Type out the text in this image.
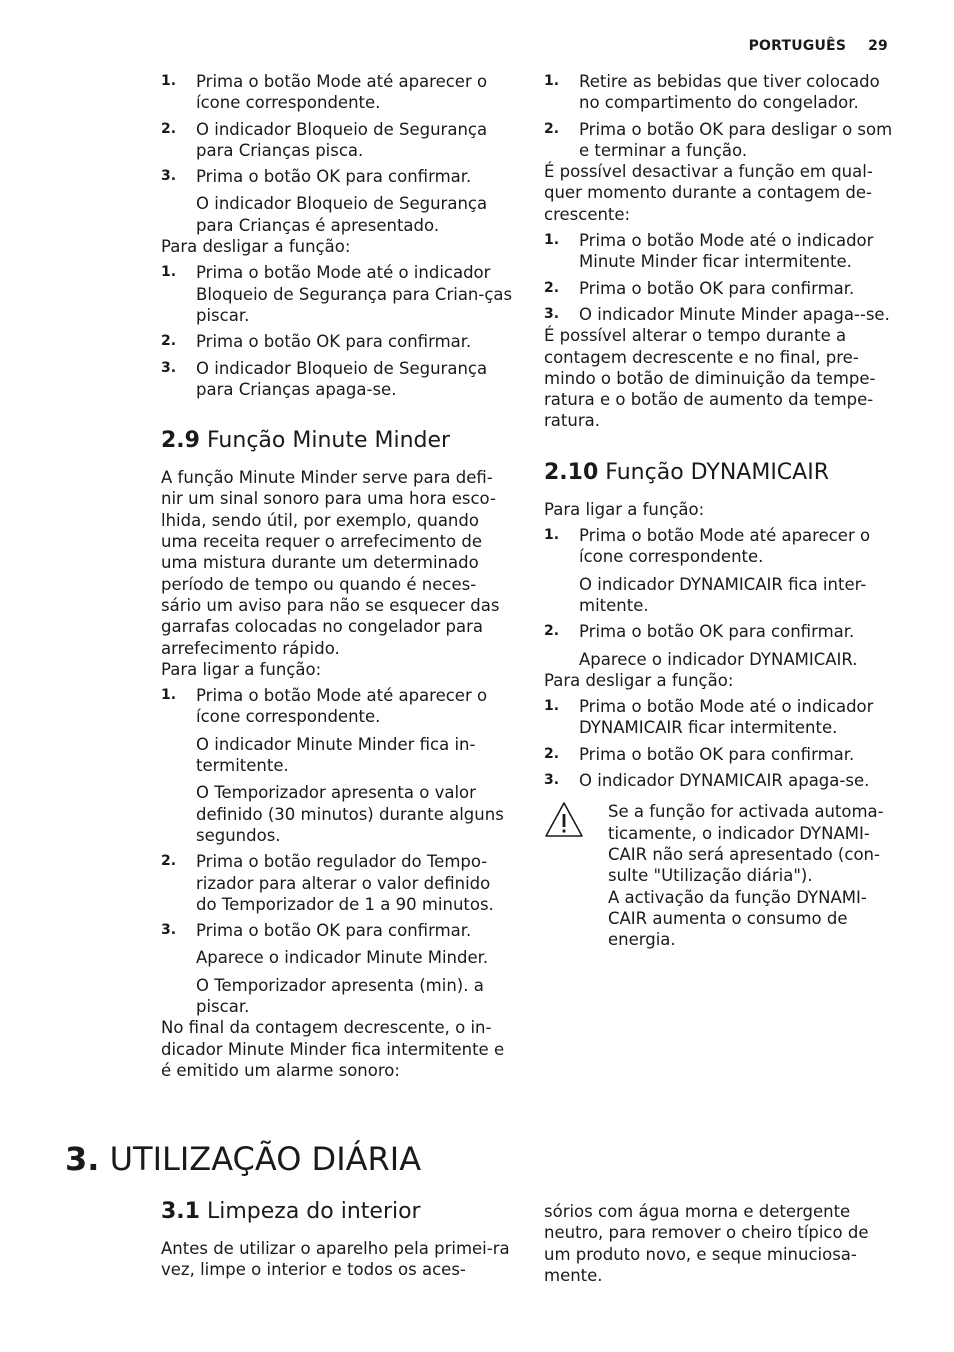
PORTUGUÊS 29
1. Prima o botão Mode até aparecer o ícone correspondente.
2. O indicador Bloqueio de Segurança para Crianças pisca.
3. Prima o botão OK para confirmar.

O indicador Bloqueio de Segurança para Crianças é apresentado.

Para desligar a função:

1. Prima o botão Mode até o indicador Bloqueio de Segurança para Crian-ças piscar.
2. Prima o botão OK para confirmar.
3. O indicador Bloqueio de Segurança para Crianças apaga-se.
2.9 Função Minute Minder

A função Minute Minder serve para defi-nir um sinal sonoro para uma hora esco-lhida, sendo útil, por exemplo, quando uma receita requer o arrefecimento de uma mistura durante um determinado período de tempo ou quando é neces-sário um aviso para não se esquecer das garrafas colocadas no congelador para arrefecimento rápido.

Para ligar a função:

1. Prima o botão Mode até aparecer o ícone correspondente.

O indicador Minute Minder fica in-termitente.

O Temporizador apresenta o valor definido (30 minutos) durante alguns segundos.

2. Prima o botão regulador do Tempo-rizador para alterar o valor definido do Temporizador de 1 a 90 minutos.
3. Prima o botão OK para confirmar.

Aparece o indicador Minute Minder.

O Temporizador apresenta (min). a piscar.

No final da contagem decrescente, o in-dicador Minute Minder fica intermitente e é emitido um alarme sonoro:

1. Retire as bebidas que tiver colocado no compartimento do congelador.
2. Prima o botão OK para desligar o som e terminar a função.

É possível desactivar a função em qual-quer momento durante a contagem de-crescente:

1. Prima o botão Mode até o indicador Minute Minder ficar intermitente.
2. Prima o botão OK para confirmar.
3. O indicador Minute Minder apaga--se.

É possível alterar o tempo durante a contagem decrescente e no final, pre-mindo o botão de diminuição da tempe-ratura e o botão de aumento da tempe-ratura.

2.10 Função DYNAMICAIR

Para ligar a função:

1. Prima o botão Mode até aparecer o ícone correspondente.

O indicador DYNAMICAIR fica inter-mitente.

2. Prima o botão OK para confirmar.

Aparece o indicador DYNAMICAIR.

Para desligar a função:

1. Prima o botão Mode até o indicador DYNAMICAIR ficar intermitente.
2. Prima o botão OK para confirmar.
3. O indicador DYNAMICAIR apaga-se.

Se a função for activada automa-ticamente, o indicador DYNAMI-CAIR não será apresentado (con-sulte "Utilização diária").

A activação da função DYNAMI-CAIR aumenta o consumo de energia.

3. UTILIZAÇÃO DIÁRIA
3.1 Limpeza do interior

Antes de utilizar o aparelho pela primei-ra vez, limpe o interior e todos os aces-

sórios com água morna e detergente neutro, para remover o cheiro típico de um produto novo, e seque minuciosa-mente.
